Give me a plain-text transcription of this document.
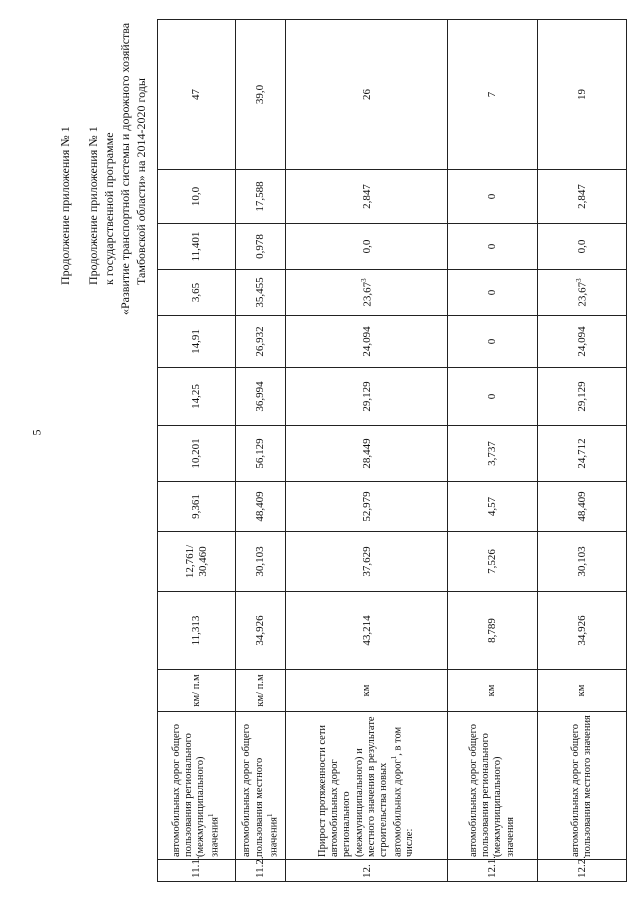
5
Продолжение приложения № 1 Продолжение приложения № 1 к государственной программе «Развитие транспортной системы и дорожного хозяйства Тамбовской области» на 2014-2020 годы
11.1.	автомобильных дорог общего пользования регионального (межмуниципального) значения$^1$	км/ п.м	11,313	12,761/ 30,460	9,361	10,201	14,25	14,91	3,65	11,401	10,0	47
11.2.	автомобильных дорог общего пользования местного значения$^1$	км/ п.м	34,926	30,103	48,409	56,129	36,994	26,932	35,455	0,978	17,588	39,0
12.	Прирост протяженности сети автомобильных дорог регионального (межмуниципального) и местного значения в результате строительства новых автомобильных дорог$^1$, в том числе:	км	43,214	37,629	52,979	28,449	29,129	24,094	23,67$^3$	0,0	2,847	26
12.1.	автомобильных дорог общего пользования регионального (межмуниципального) значения	км	8,789	7,526	4,57	3,737	0	0	0	0	0	7
12.2.	автомобильных дорог общего пользования местного значения	км	34,926	30,103	48,409	24,712	29,129	24,094	23,67$^3$	0,0	2,847	19
